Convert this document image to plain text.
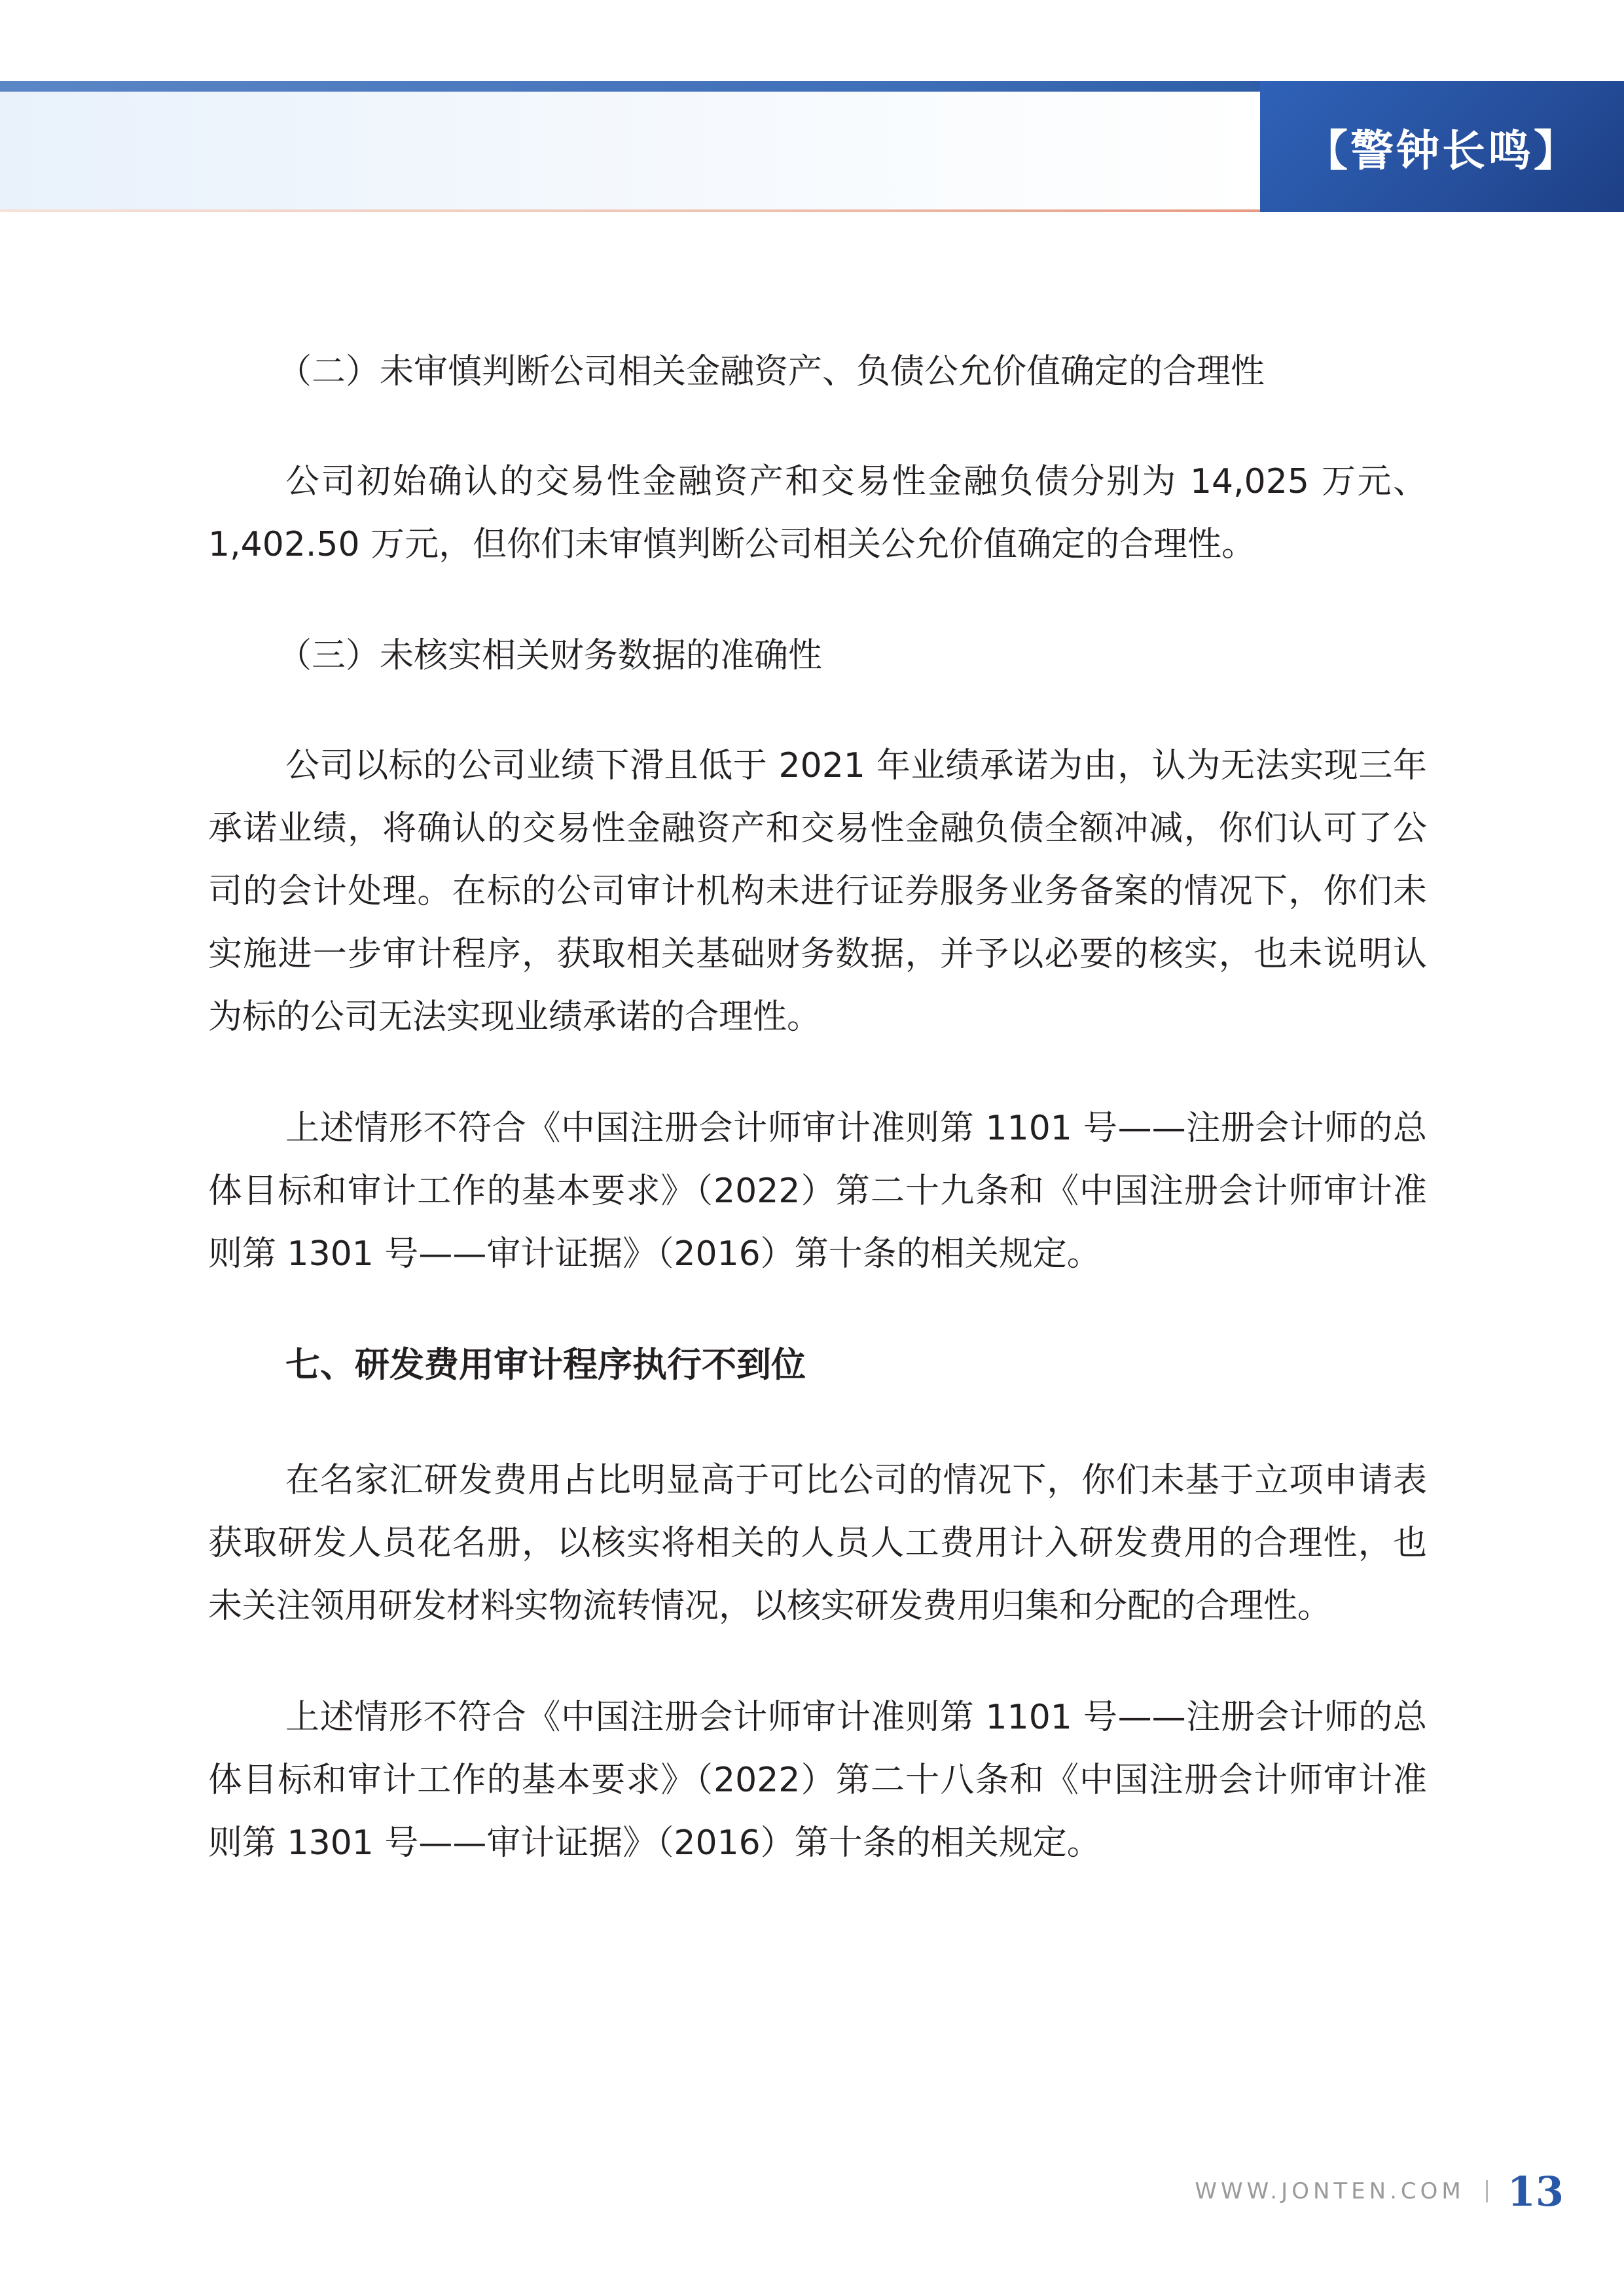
【警钟长鸣】
（二）未审慎判断公司相关金融资产、负债公允价值确定的合理性

公司初始确认的交易性金融资产和交易性金融负债分别为 14,025 万元、1,402.50 万元，但你们未审慎判断公司相关公允价值确定的合理性。

（三）未核实相关财务数据的准确性

公司以标的公司业绩下滑且低于 2021 年业绩承诺为由，认为无法实现三年承诺业绩，将确认的交易性金融资产和交易性金融负债全额冲减，你们认可了公司的会计处理。在标的公司审计机构未进行证券服务业务备案的情况下，你们未实施进一步审计程序，获取相关基础财务数据，并予以必要的核实，也未说明认为标的公司无法实现业绩承诺的合理性。

上述情形不符合《中国注册会计师审计准则第 1101 号——注册会计师的总体目标和审计工作的基本要求》（2022）第二十九条和《中国注册会计师审计准则第 1301 号——审计证据》（2016）第十条的相关规定。

七、研发费用审计程序执行不到位

在名家汇研发费用占比明显高于可比公司的情况下，你们未基于立项申请表获取研发人员花名册，以核实将相关的人员人工费用计入研发费用的合理性，也未关注领用研发材料实物流转情况，以核实研发费用归集和分配的合理性。

上述情形不符合《中国注册会计师审计准则第 1101 号——注册会计师的总体目标和审计工作的基本要求》（2022）第二十八条和《中国注册会计师审计准则第 1301 号——审计证据》（2016）第十条的相关规定。

WWW.JONTEN.COM 13
